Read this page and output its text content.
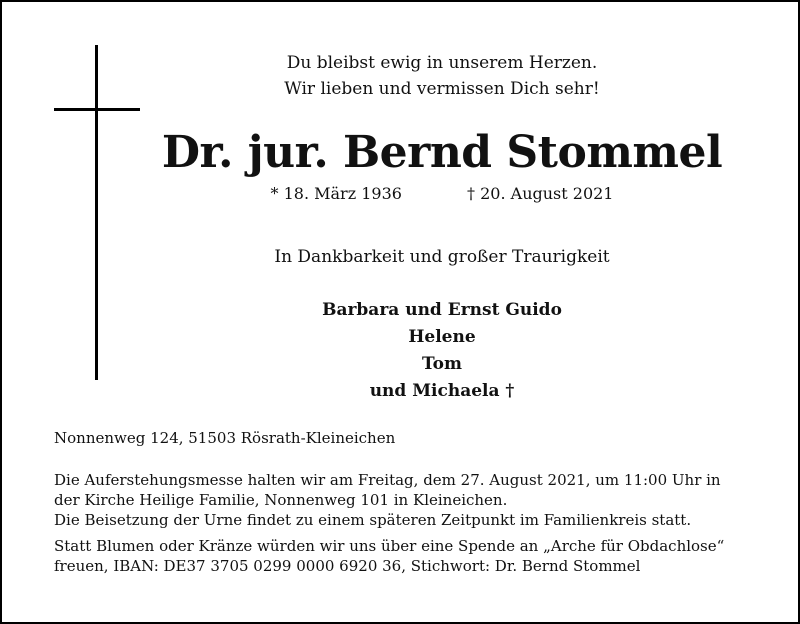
Du bleibst ewig in unserem Herzen.
Wir lieben und vermissen Dich sehr!
Dr. jur. Bernd Stommel
* 18. März 1936	† 20. August 2021
In Dankbarkeit und großer Traurigkeit
Barbara und Ernst Guido
Helene
Tom
und Michaela †
Nonnenweg 124, 51503 Rösrath-Kleineichen
Die Auferstehungsmesse halten wir am Freitag, dem 27. August 2021, um 11:00 Uhr in
der Kirche Heilige Familie, Nonnenweg 101 in Kleineichen.
Die Beisetzung der Urne findet zu einem späteren Zeitpunkt im Familienkreis statt.
Statt Blumen oder Kränze würden wir uns über eine Spende an „Arche für Obdachlose“
freuen, IBAN: DE37 3705 0299 0000 6920 36, Stichwort: Dr. Bernd Stommel
